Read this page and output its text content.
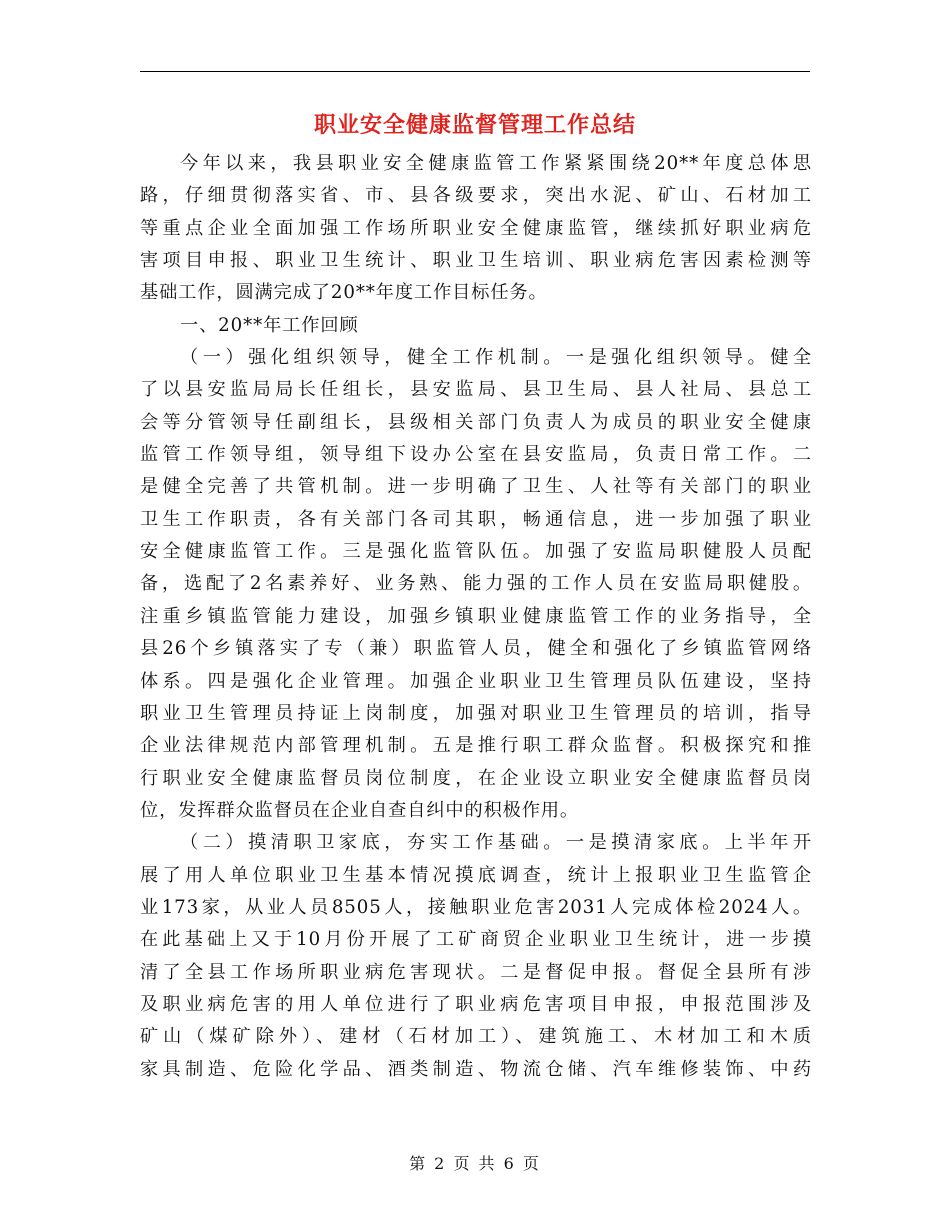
职业安全健康监督管理工作总结
今年以来，我县职业安全健康监管工作紧紧围绕20**年度总体思
路，仔细贯彻落实省、市、县各级要求，突出水泥、矿山、石材加工
等重点企业全面加强工作场所职业安全健康监管，继续抓好职业病危
害项目申报、职业卫生统计、职业卫生培训、职业病危害因素检测等
基础工作，圆满完成了20**年度工作目标任务。
一、20**年工作回顾
（一）强化组织领导，健全工作机制。一是强化组织领导。健全
了以县安监局局长任组长，县安监局、县卫生局、县人社局、县总工
会等分管领导任副组长，县级相关部门负责人为成员的职业安全健康
监管工作领导组，领导组下设办公室在县安监局，负责日常工作。二
是健全完善了共管机制。进一步明确了卫生、人社等有关部门的职业
卫生工作职责，各有关部门各司其职，畅通信息，进一步加强了职业
安全健康监管工作。三是强化监管队伍。加强了安监局职健股人员配
备，选配了2名素养好、业务熟、能力强的工作人员在安监局职健股。
注重乡镇监管能力建设，加强乡镇职业健康监管工作的业务指导，全
县26个乡镇落实了专（兼）职监管人员，健全和强化了乡镇监管网络
体系。四是强化企业管理。加强企业职业卫生管理员队伍建设，坚持
职业卫生管理员持证上岗制度，加强对职业卫生管理员的培训，指导
企业法律规范内部管理机制。五是推行职工群众监督。积极探究和推
行职业安全健康监督员岗位制度，在企业设立职业安全健康监督员岗
位，发挥群众监督员在企业自查自纠中的积极作用。
（二）摸清职卫家底，夯实工作基础。一是摸清家底。上半年开
展了用人单位职业卫生基本情况摸底调查，统计上报职业卫生监管企
业173家，从业人员8505人，接触职业危害2031人完成体检2024人。
在此基础上又于10月份开展了工矿商贸企业职业卫生统计，进一步摸
清了全县工作场所职业病危害现状。二是督促申报。督促全县所有涉
及职业病危害的用人单位进行了职业病危害项目申报，申报范围涉及
矿山（煤矿除外）、建材（石材加工）、建筑施工、木材加工和木质
家具制造、危险化学品、酒类制造、物流仓储、汽车维修装饰、中药
第 2 页 共 6 页
